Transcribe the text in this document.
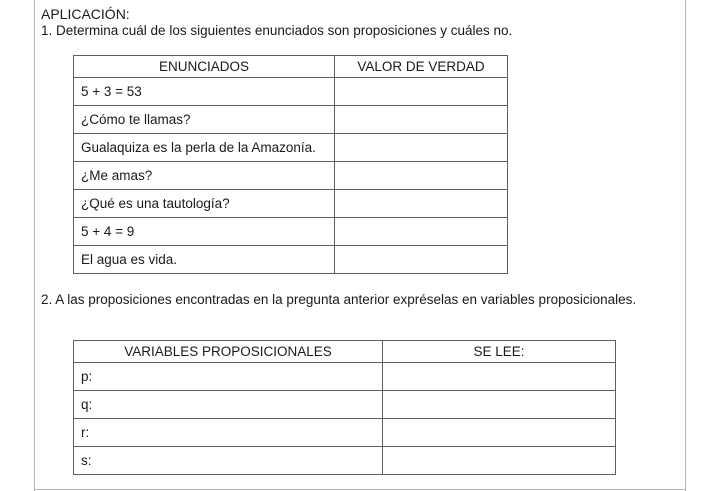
APLICACIÓN:
1. Determina cuál de los siguientes enunciados son proposiciones y cuáles no.
ENUNCIADOS	VALOR DE VERDAD
5 + 3 = 53	
¿Cómo te llamas?	
Gualaquiza es la perla de la Amazonía.	
¿Me amas?	
¿Qué es una tautología?	
5 + 4 = 9	
El agua es vida.	
2. A las proposiciones encontradas en la pregunta anterior expréselas en variables proposicionales.
VARIABLES PROPOSICIONALES	SE LEE:
p:	
q:	
r:	
s:	
